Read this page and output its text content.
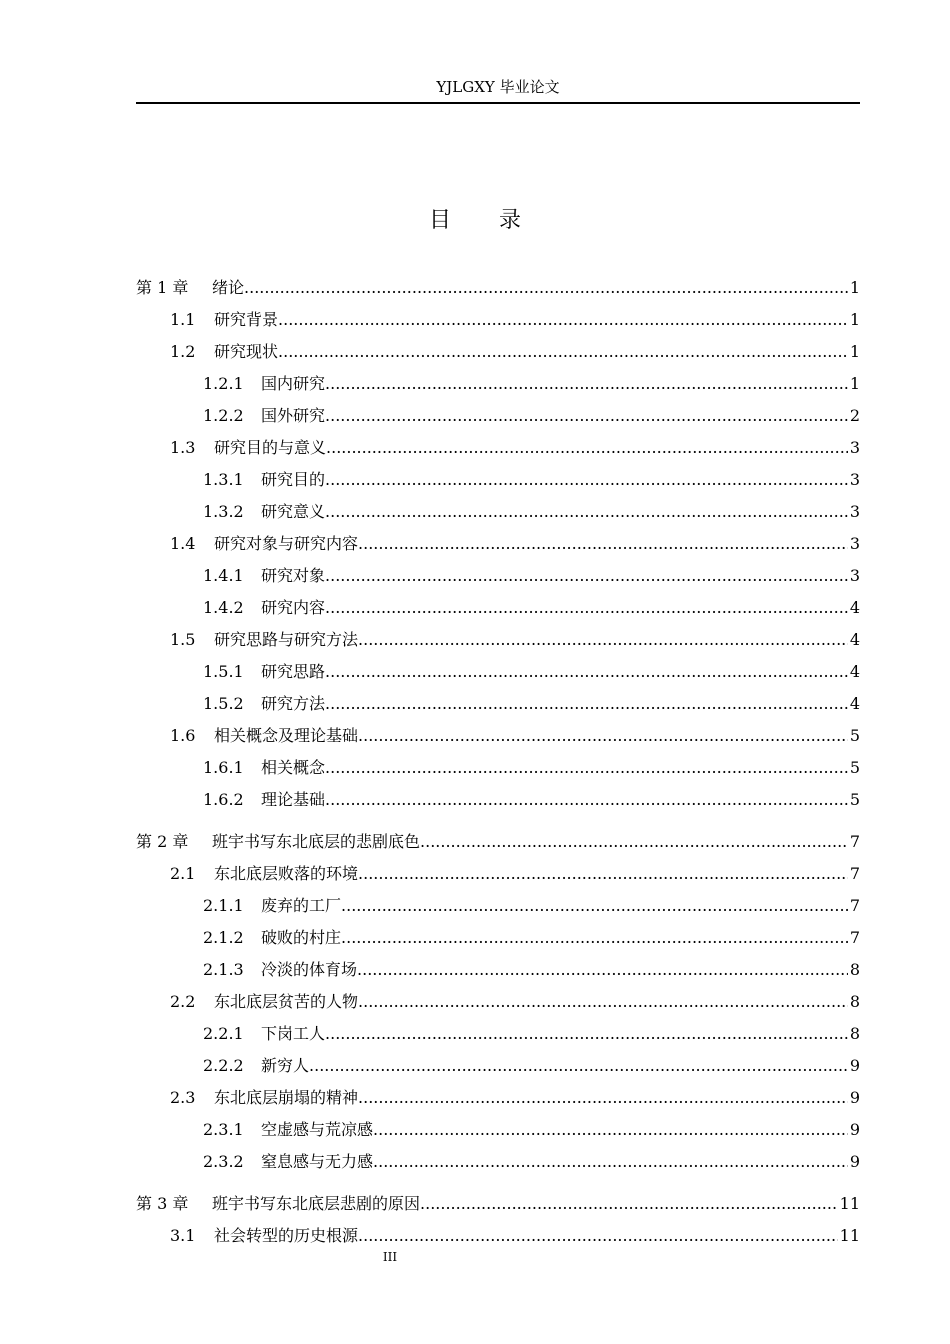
YJLGXY 毕业论文
目录
第 1 章	绪论 .....	1
1.1	研究背景 .....	1
1.2	研究现状 .....	1
1.2.1	国内研究 .....	1
1.2.2	国外研究 .....	2
1.3	研究目的与意义 .....	3
1.3.1	研究目的 .....	3
1.3.2	研究意义 .....	3
1.4	研究对象与研究内容 .....	3
1.4.1	研究对象 .....	3
1.4.2	研究内容 .....	4
1.5	研究思路与研究方法 .....	4
1.5.1	研究思路 .....	4
1.5.2	研究方法 .....	4
1.6	相关概念及理论基础 .....	5
1.6.1	相关概念 .....	5
1.6.2	理论基础 .....	5
第 2 章	班宇书写东北底层的悲剧底色 .....	7
2.1	东北底层败落的环境 .....	7
2.1.1	废弃的工厂 .....	7
2.1.2	破败的村庄 .....	7
2.1.3	冷淡的体育场 .....	8
2.2	东北底层贫苦的人物 .....	8
2.2.1	下岗工人 .....	8
2.2.2	新穷人 .....	9
2.3	东北底层崩塌的精神 .....	9
2.3.1	空虚感与荒凉感 .....	9
2.3.2	窒息感与无力感 .....	9
第 3 章	班宇书写东北底层悲剧的原因 .....	11
3.1	社会转型的历史根源 .....	11
III
